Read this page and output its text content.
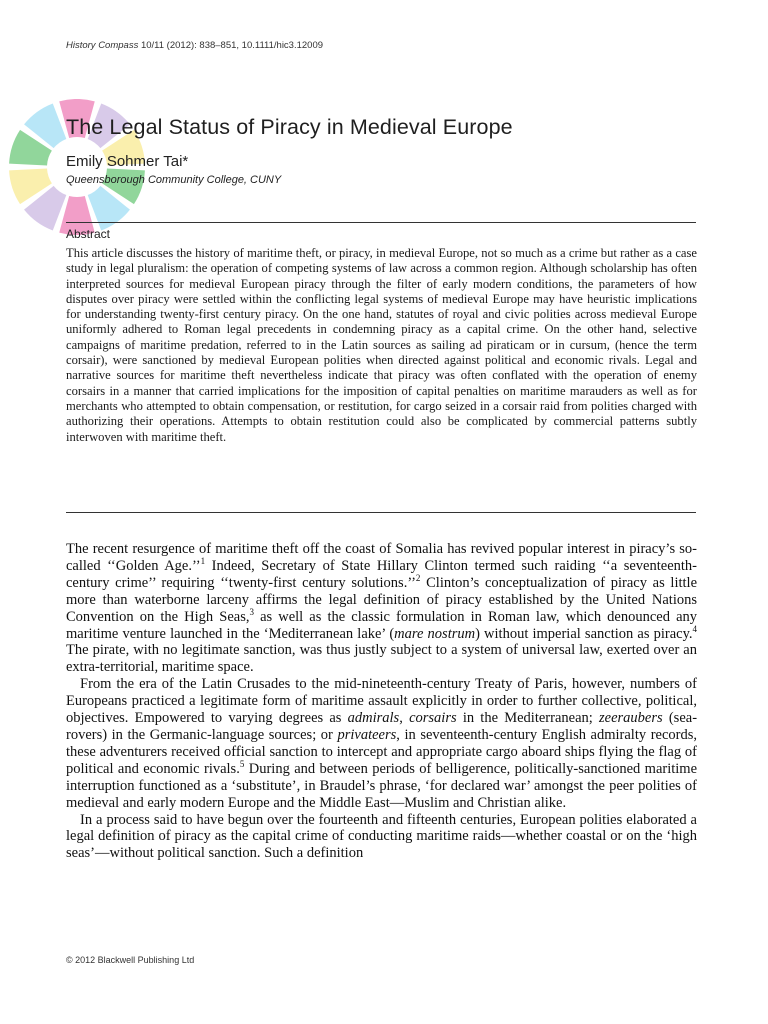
History Compass 10/11 (2012): 838–851, 10.1111/hic3.12009
The Legal Status of Piracy in Medieval Europe
Emily Sohmer Tai*
Queensborough Community College, CUNY
Abstract

This article discusses the history of maritime theft, or piracy, in medieval Europe, not so much as a crime but rather as a case study in legal pluralism: the operation of competing systems of law across a common region. Although scholarship has often interpreted sources for medieval European piracy through the filter of early modern conditions, the parameters of how disputes over piracy were settled within the conflicting legal systems of medieval Europe may have heuristic implications for understanding twenty-first century piracy. On the one hand, statutes of royal and civic polities across medieval Europe uniformly adhered to Roman legal precedents in condemning piracy as a capital crime. On the other hand, selective campaigns of maritime predation, referred to in the Latin sources as sailing ad piraticam or in cursum, (hence the term corsair), were sanctioned by medieval European polities when directed against political and economic rivals. Legal and narrative sources for maritime theft nevertheless indicate that piracy was often conflated with the operation of enemy corsairs in a manner that carried implications for the imposition of capital penalties on maritime marauders as well as for merchants who attempted to obtain compensation, or restitution, for cargo seized in a corsair raid from polities charged with authorizing their operations. Attempts to obtain restitution could also be complicated by commercial patterns subtly interwoven with maritime theft.

The recent resurgence of maritime theft off the coast of Somalia has revived popular interest in piracy’s so-called ‘‘Golden Age.’’$^1$ Indeed, Secretary of State Hillary Clinton termed such raiding ‘‘a seventeenth-century crime’’ requiring ‘‘twenty-first century solutions.’’$^2$ Clinton’s conceptualization of piracy as little more than waterborne larceny affirms the legal definition of piracy established by the United Nations Convention on the High Seas,$^3$ as well as the classic formulation in Roman law, which denounced any maritime venture launched in the ‘Mediterranean lake’ (mare nostrum) without imperial sanction as piracy.$^4$ The pirate, with no legitimate sanction, was thus justly subject to a system of universal law, exerted over an extra-territorial, maritime space.

From the era of the Latin Crusades to the mid-nineteenth-century Treaty of Paris, however, numbers of Europeans practiced a legitimate form of maritime assault explicitly in order to further collective, political, objectives. Empowered to varying degrees as admirals, corsairs in the Mediterranean; zeeraubers (sea-rovers) in the Germanic-language sources; or privateers, in seventeenth-century English admiralty records, these adventurers received official sanction to intercept and appropriate cargo aboard ships flying the flag of political and economic rivals.$^5$ During and between periods of belligerence, politically-sanctioned maritime interruption functioned as a ‘substitute’, in Braudel’s phrase, ‘for declared war’ amongst the peer polities of medieval and early modern Europe and the Middle East—Muslim and Christian alike.

In a process said to have begun over the fourteenth and fifteenth centuries, European polities elaborated a legal definition of piracy as the capital crime of conducting maritime raids—whether coastal or on the ‘high seas’—without political sanction. Such a definition

© 2012 Blackwell Publishing Ltd
